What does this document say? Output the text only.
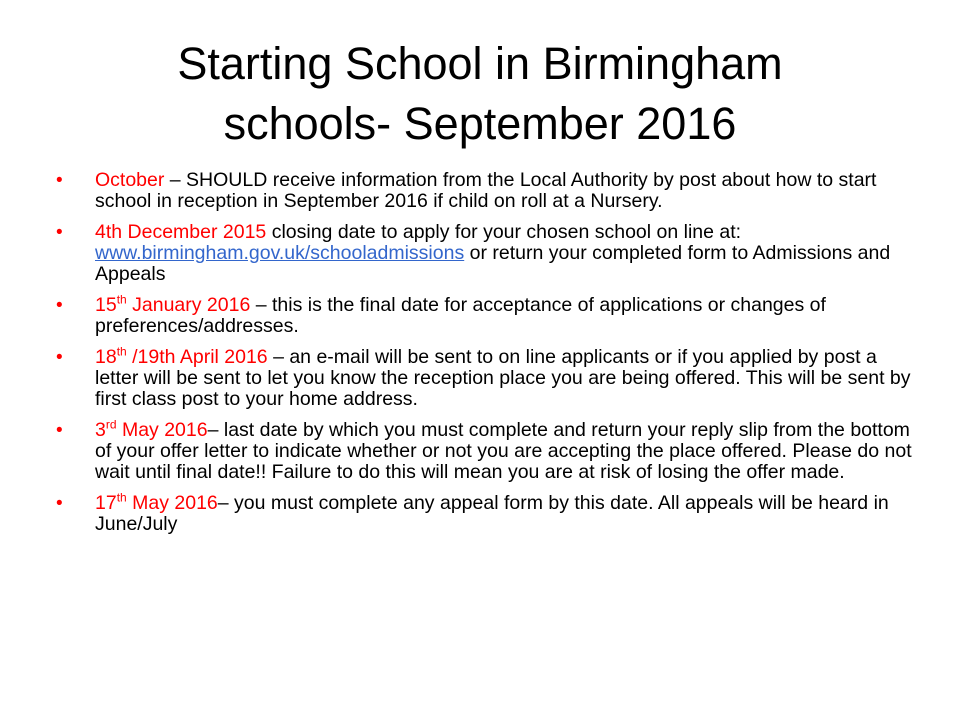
Starting School in Birmingham
schools- September 2016
• October – SHOULD receive information from the Local Authority by post about how to start school in reception in September 2016 if child on roll at a Nursery.
• 4th December 2015 closing date to apply for your chosen school on line at: www.birmingham.gov.uk/schooladmissions or return your completed form to Admissions and Appeals
• 15th January 2016 – this is the final date for acceptance of applications or changes of preferences/addresses.
• 18th /19th April 2016 – an e-mail will be sent to on line applicants or if you applied by post a letter will be sent to let you know the reception place you are being offered. This will be sent by first class post to your home address.
• 3rd May 2016– last date by which you must complete and return your reply slip from the bottom of your offer letter to indicate whether or not you are accepting the place offered. Please do not wait until final date!! Failure to do this will mean you are at risk of losing the offer made.
• 17th May 2016– you must complete any appeal form by this date. All appeals will be heard in June/July
